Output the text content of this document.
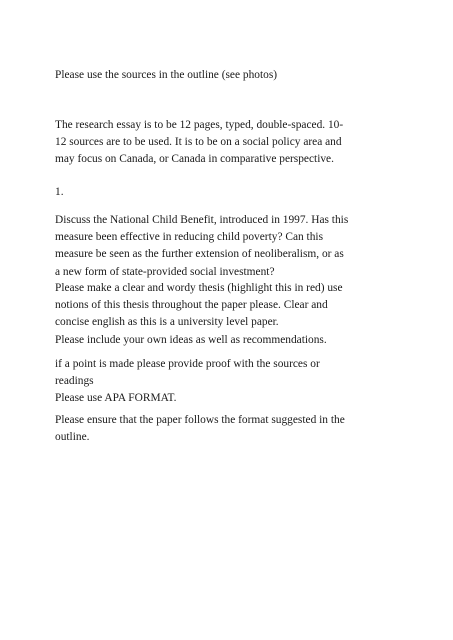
Please use the sources in the outline (see photos)

The research essay is to be 12 pages, typed, double-spaced. 10-
12 sources are to be used. It is to be on a social policy area and
may focus on Canada, or Canada in comparative perspective.

1.

Discuss the National Child Benefit, introduced in 1997. Has this
measure been effective in reducing child poverty? Can this
measure be seen as the further extension of neoliberalism, or as
a new form of state-provided social investment?

Please make a clear and wordy thesis (highlight this in red) use
notions of this thesis throughout the paper please. Clear and
concise english as this is a university level paper.
Please include your own ideas as well as recommendations.

if a point is made please provide proof with the sources or
readings
Please use APA FORMAT.

Please ensure that the paper follows the format suggested in the
outline.
